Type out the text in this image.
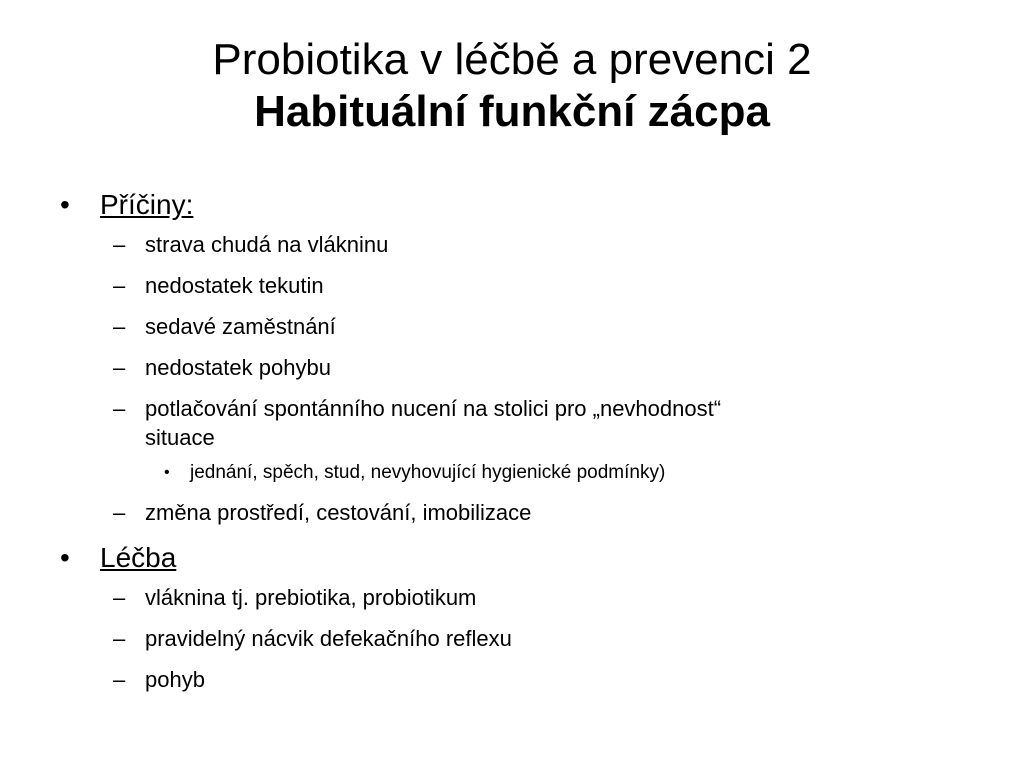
Probiotika v léčbě a prevenci 2
Habituální funkční zácpa
• Příčiny:
– strava chudá na vlákninu
– nedostatek tekutin
– sedavé zaměstnání
– nedostatek pohybu
– potlačování spontánního nucení na stolici pro „nevhodnost“ situace
• jednání, spěch, stud, nevyhovující hygienické podmínky)
– změna prostředí, cestování, imobilizace
• Léčba
– vláknina tj. prebiotika, probiotikum
– pravidelný nácvik defekačního reflexu
– pohyb
